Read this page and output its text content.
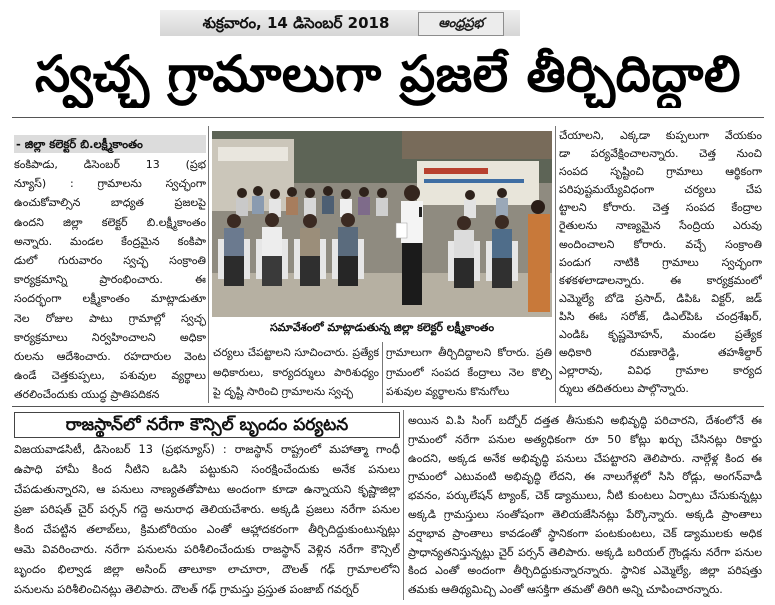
శుక్రవారం, 14 డిసెంబర్ 2018	ఆంధ్రప్రభ
స్వచ్ఛ గ్రామాలుగా ప్రజలే తీర్చిదిద్దాలి
- జిల్లా కలెక్టర్ బి.లక్ష్మీకాంతం
కంకిపాడు, డిసెంబర్ 13 (ప్రభ
న్యూస్) : గ్రామాలను స్వచ్ఛంగా
ఉంచుకోవాల్సిన బాధ్యత ప్రజలపై
ఉందని జిల్లా కలెక్టర్ బి.లక్ష్మీకాంతం
అన్నారు. మండల కేంద్రమైన కంకిపా
డులో గురువారం స్వచ్ఛ సంక్రాంతి
కార్యక్రమాన్ని ప్రారంభించారు. ఈ
సందర్భంగా లక్ష్మీకాంతం మాట్లాడుతూ
నెల రోజుల పాటు గ్రామాల్లో స్వచ్ఛ
కార్యక్రమాలు నిర్వహించాలని అధికా
రులను ఆదేశించారు. రహదారుల వెంట
ఉండే చెత్తకుప్పలు, పశువుల వ్యర్థాలు
తరలించేందుకు యుద్ధ ప్రాతిపదికన
సమావేశంలో మాట్లాడుతున్న జిల్లా కలెక్టర్ లక్ష్మీకాంతం
చర్యలు చేపట్టాలని సూచించారు. ప్రత్యేక
అధికారులు, కార్యదర్శులు పారిశుధ్యం
పై దృష్టి సారించి గ్రామాలను స్వచ్ఛ
గ్రామాలుగా తీర్చిదిద్దాలని కోరారు. ప్రతి
గ్రామంలో సంపద కేంద్రాలు నెల కొల్పి
పశువుల వ్యర్థాలను కొనుగోలు
చేయాలని, ఎక్కడా కుప్పలుగా వేయకుం
డా పర్యవేక్షించాలన్నారు. చెత్త నుంచి
సంపద సృష్టించి గ్రామాలు ఆర్థికంగా
పరిపుష్టమయ్యేవిధంగా చర్యలు చేప
ట్టాలని కోరారు. చెత్త సంపద కేంద్రాల
రైతులను నాణ్యమైన సేంద్రియ ఎరువు
అందించాలని కోరారు. వచ్చే సంక్రాంతి
పండుగ నాటికి గ్రామాలు స్వచ్ఛంగా
కళకళలాడాలన్నారు. ఈ కార్యక్రమంలో
ఎమ్మెల్యే బోడె ప్రసాద్, డిపిఓ విక్టర్, జడ్
పిసి ఈఓ సరోజ్, డిఎల్‌పిఓ చంద్రశేఖర్,
ఎండిఓ కృష్ణమోహన్, మండల ప్రత్యేక
అధికారి రమణారెడ్డి, తహశీల్దార్
ఎల్లారావు, వివిధ గ్రామాల కార్యద
ర్శులు తదితరులు పాల్గొన్నారు.
రాజస్థాన్‌లో నరేగా కౌన్సిల్ బృందం పర్యటన
విజయవాడసిటీ, డిసెంబర్ 13 (ప్రభన్యూస్) : రాజస్థాన్ రాష్ట్రంలో మహాత్మా గాంధీ
ఉపాధి హామీ కింద నీటిని ఒడిసి పట్టుకుని సంరక్షించేందుకు అనేక పనులు
చేపడుతున్నారని, ఆ పనులు నాణ్యతతోపాటు అందంగా కూడా ఉన్నాయని కృష్ణాజిల్లా
ప్రజా పరిషత్ చైర్ పర్సన్ గద్దె అనురాధ తెలియచేశారు. అక్కడి ప్రజలు నరేగా పనుల
కింద చేపట్టిన తలాబ్‌లు, క్రిమటోరియం ఎంతో ఆహ్లాదకరంగా తీర్చిదిద్దుకుంటున్నట్లు
ఆమె వివరించారు. నరేగా పనులను పరిశీలించేందుకు రాజస్థాన్ వెళ్లిన నరేగా కౌన్సిల్
బృందం భిల్వాడ జిల్లా అసింద్ తాలూకా లాచూరా, దౌలత్ గఢ్ గ్రామాలలోని
పనులను పరిశీలించినట్లు తెలిపారు. దౌలత్ గఢ్ గ్రామస్తు ప్రస్తుత పంజాబ్ గవర్నర్
అయిన వి.పి సింగ్ బద్నోర్ దత్తత తీసుకుని అభివృద్ధి పరిచారని, దేశంలోనే ఈ
గ్రామంలో నరేగా పనుల అత్యధికంగా రూ 50 కోట్లు ఖర్చు చేసినట్లు రికార్డు
ఉందని, అక్కడ అనేక అభివృద్ధి పనులు చేపట్టారని తెలిపారు. నాల్గేళ్ల కింద ఈ
గ్రామంలో ఎటువంటి అభివృద్ధి లేదని, ఈ నాలుగేళ్లలో సిసి రోడ్లు, అంగన్‌వాడీ
భవనం, పర్కులేషన్ ట్యాంక్, చెక్ డ్యాములు, నీటి కుంటలు ఏర్పాటు చేసుకున్నట్లు
అక్కడి గ్రామస్తులు సంతోషంగా తెలియజేసినట్లు పేర్కొన్నారు. అక్కడి ప్రాంతాలు
వర్షాభావ ప్రాంతాలు కావడంతో స్థానికంగా పంటకుంటలు, చెక్ డ్యాములకు అధిక
ప్రాధాన్యతనిస్తున్నట్లు చైర్ పర్సన్ తెలిపారు. అక్కడి బరియల్ గ్రౌండ్లను నరేగా పనుల
కింద ఎంతో అందంగా తీర్చిదిద్దుకున్నారన్నారు. స్థానిక ఎమ్మెల్యే, జిల్లా పరిషత్తు
తమకు ఆతిథ్యమిచ్చి ఎంతో ఆసక్తిగా తమతో తిరిగి అన్ని చూపించారన్నారు.
